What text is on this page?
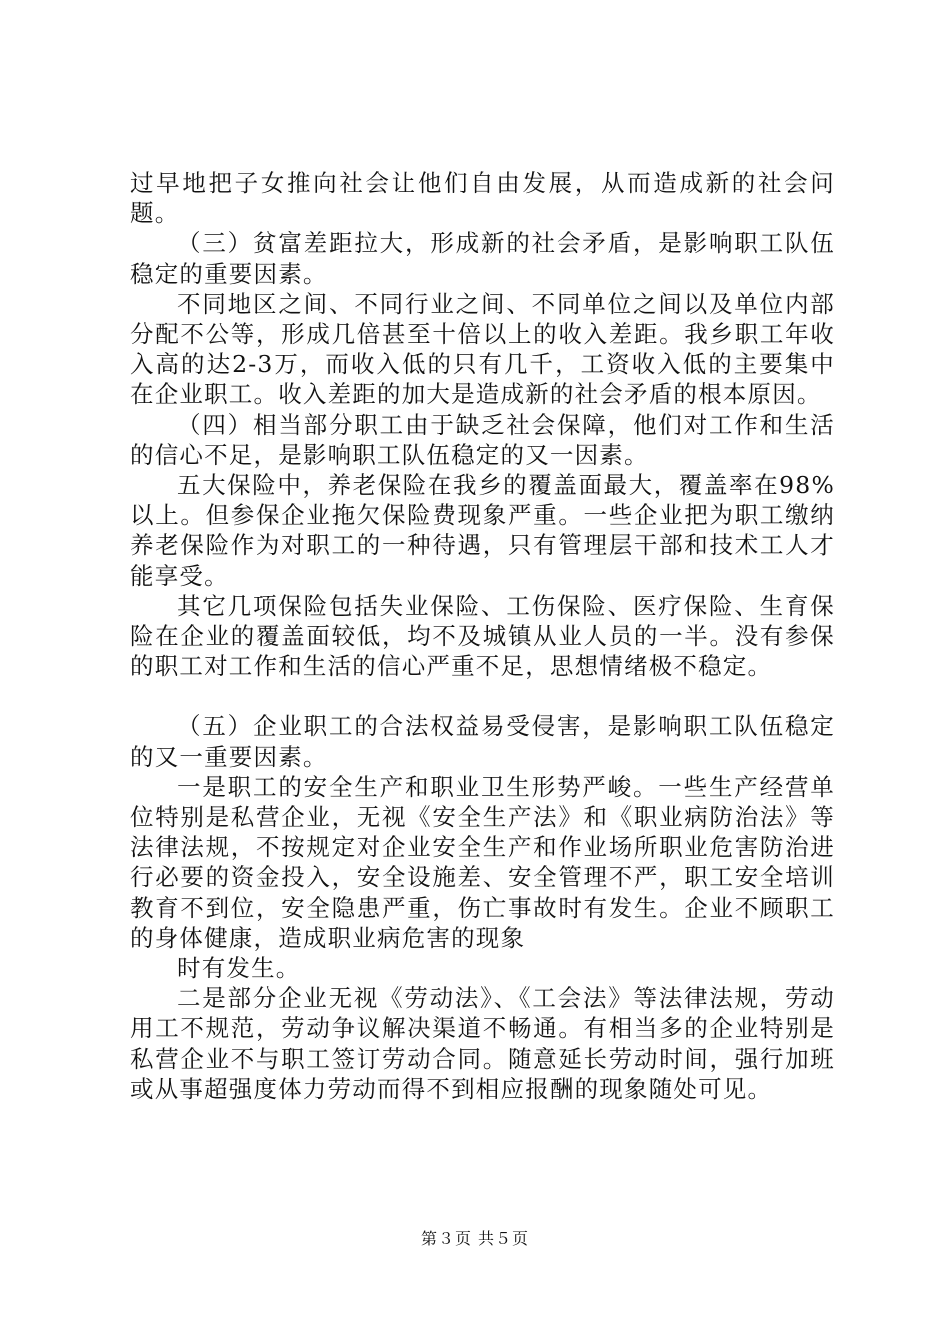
过早地把子女推向社会让他们自由发展，从而造成新的社会问题。

（三）贫富差距拉大，形成新的社会矛盾，是影响职工队伍稳定的重要因素。

不同地区之间、不同行业之间、不同单位之间以及单位内部分配不公等，形成几倍甚至十倍以上的收入差距。我乡职工年收入高的达2-3万，而收入低的只有几千，工资收入低的主要集中在企业职工。收入差距的加大是造成新的社会矛盾的根本原因。

（四）相当部分职工由于缺乏社会保障，他们对工作和生活的信心不足，是影响职工队伍稳定的又一因素。

五大保险中，养老保险在我乡的覆盖面最大，覆盖率在98%以上。但参保企业拖欠保险费现象严重。一些企业把为职工缴纳养老保险作为对职工的一种待遇，只有管理层干部和技术工人才能享受。

其它几项保险包括失业保险、工伤保险、医疗保险、生育保险在企业的覆盖面较低，均不及城镇从业人员的一半。没有参保的职工对工作和生活的信心严重不足，思想情绪极不稳定。

（五）企业职工的合法权益易受侵害，是影响职工队伍稳定的又一重要因素。

一是职工的安全生产和职业卫生形势严峻。一些生产经营单位特别是私营企业，无视《安全生产法》和《职业病防治法》等法律法规，不按规定对企业安全生产和作业场所职业危害防治进行必要的资金投入，安全设施差、安全管理不严，职工安全培训教育不到位，安全隐患严重，伤亡事故时有发生。企业不顾职工的身体健康，造成职业病危害的现象

时有发生。

二是部分企业无视《劳动法》、《工会法》等法律法规，劳动用工不规范，劳动争议解决渠道不畅通。有相当多的企业特别是私营企业不与职工签订劳动合同。随意延长劳动时间，强行加班或从事超强度体力劳动而得不到相应报酬的现象随处可见。

第３页 共５页
